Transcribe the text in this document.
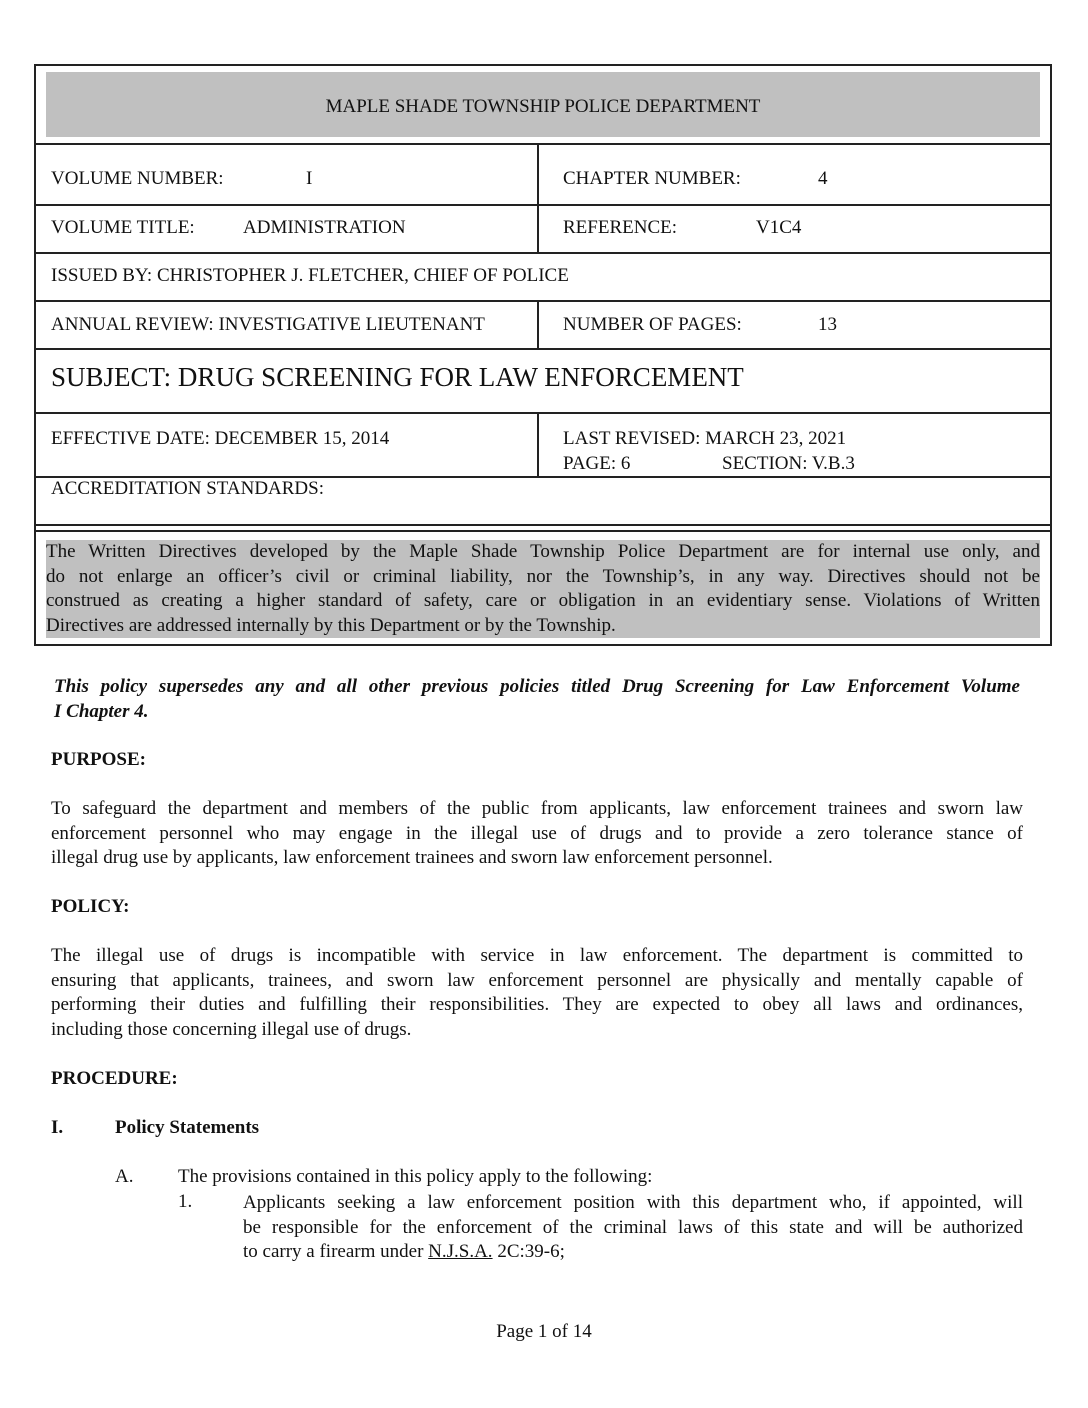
MAPLE SHADE TOWNSHIP POLICE DEPARTMENT
VOLUME NUMBER:	I	CHAPTER NUMBER:	4
VOLUME TITLE:	ADMINISTRATION	REFERENCE:	V1C4
ISSUED BY: CHRISTOPHER J. FLETCHER, CHIEF OF POLICE
ANNUAL REVIEW: INVESTIGATIVE LIEUTENANT	NUMBER OF PAGES:	13
SUBJECT: DRUG SCREENING FOR LAW ENFORCEMENT
EFFECTIVE DATE: DECEMBER 15, 2014	LAST REVISED: MARCH 23, 2021
PAGE: 6	SECTION: V.B.3
ACCREDITATION STANDARDS:
The Written Directives developed by the Maple Shade Township Police Department are for internal use only, and
do not enlarge an officer’s civil or criminal liability, nor the Township’s, in any way. Directives should not be
construed as creating a higher standard of safety, care or obligation in an evidentiary sense. Violations of Written
Directives are addressed internally by this Department or by the Township.
This policy supersedes any and all other previous policies titled Drug Screening for Law Enforcement Volume
I Chapter 4.
PURPOSE:
To safeguard the department and members of the public from applicants, law enforcement trainees and sworn law
enforcement personnel who may engage in the illegal use of drugs and to provide a zero tolerance stance of
illegal drug use by applicants, law enforcement trainees and sworn law enforcement personnel.
POLICY:
The illegal use of drugs is incompatible with service in law enforcement. The department is committed to
ensuring that applicants, trainees, and sworn law enforcement personnel are physically and mentally capable of
performing their duties and fulfilling their responsibilities. They are expected to obey all laws and ordinances,
including those concerning illegal use of drugs.
PROCEDURE:
I.	Policy Statements
A. The provisions contained in this policy apply to the following:
1.	Applicants seeking a law enforcement position with this department who, if appointed, will
be responsible for the enforcement of the criminal laws of this state and will be authorized
to carry a firearm under N.J.S.A. 2C:39-6;
Page 1 of 14
